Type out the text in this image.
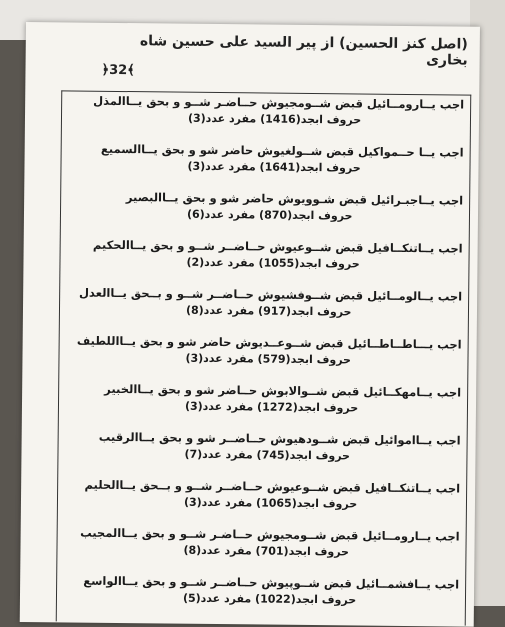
(اصل كنز الحسين) از پير السيد على حسين شاه بخارى
﴿32﴾
اجب يــارومــائيل قبض شــومجيوش حــاضـر شــو و بحق يــاالمذل
حروف ابجد(1416) مفرد عدد(3)
اجب يــا حــمواكيل قبض شــولغيوش حاضر شو و بحق يــاالسميع
حروف ابجد(1641) مفرد عدد(3)
اجب يــاجبـرائيل قبض شـوويوش حاضر شو و بحق يــاالبصير
حروف ابجد(870) مفرد عدد(6)
اجب يــاتنكــافيل قبض شــوعيوش حــاضــر شــو و بحق يــاالحكيم
حروف ابجد(1055) مفرد عدد(2)
اجب يــالومــائيل قبض شــوفشيوش حــاضــر شــو و بــحق يــاالعدل
حروف ابجد(917) مفرد عدد(8)
اجب يـــاطــاطــائيل قبض شــوعــديوش حاضر شو و بحق يــااللطيف
حروف ابجد(579) مفرد عدد(3)
اجب يــامهكــائيل قبض شــوالابوش حــاضر شو و بحق يــاالخبير
حروف ابجد(1272) مفرد عدد(3)
اجب يــااموائيل قبض شــودهيوش حــاضــر شو و بحق يــاالرقيب
حروف ابجد(745) مفرد عدد(7)
اجب يــاتنكــافيل قبض شــوعيوش حــاضــر شــو و بــحق يــاالحليم
حروف ابجد(1065) مفرد عدد(3)
اجب يــارومــائيل قبض شــومجيوش حــاضـر شــو و بحق يــاالمجيب
حروف ابجد(701) مفرد عدد(8)
اجب يــافشمــائيل قبض شــوپيوش حــاضــر شــو و بحق يــاالواسع
حروف ابجد(1022) مفرد عدد(5)
